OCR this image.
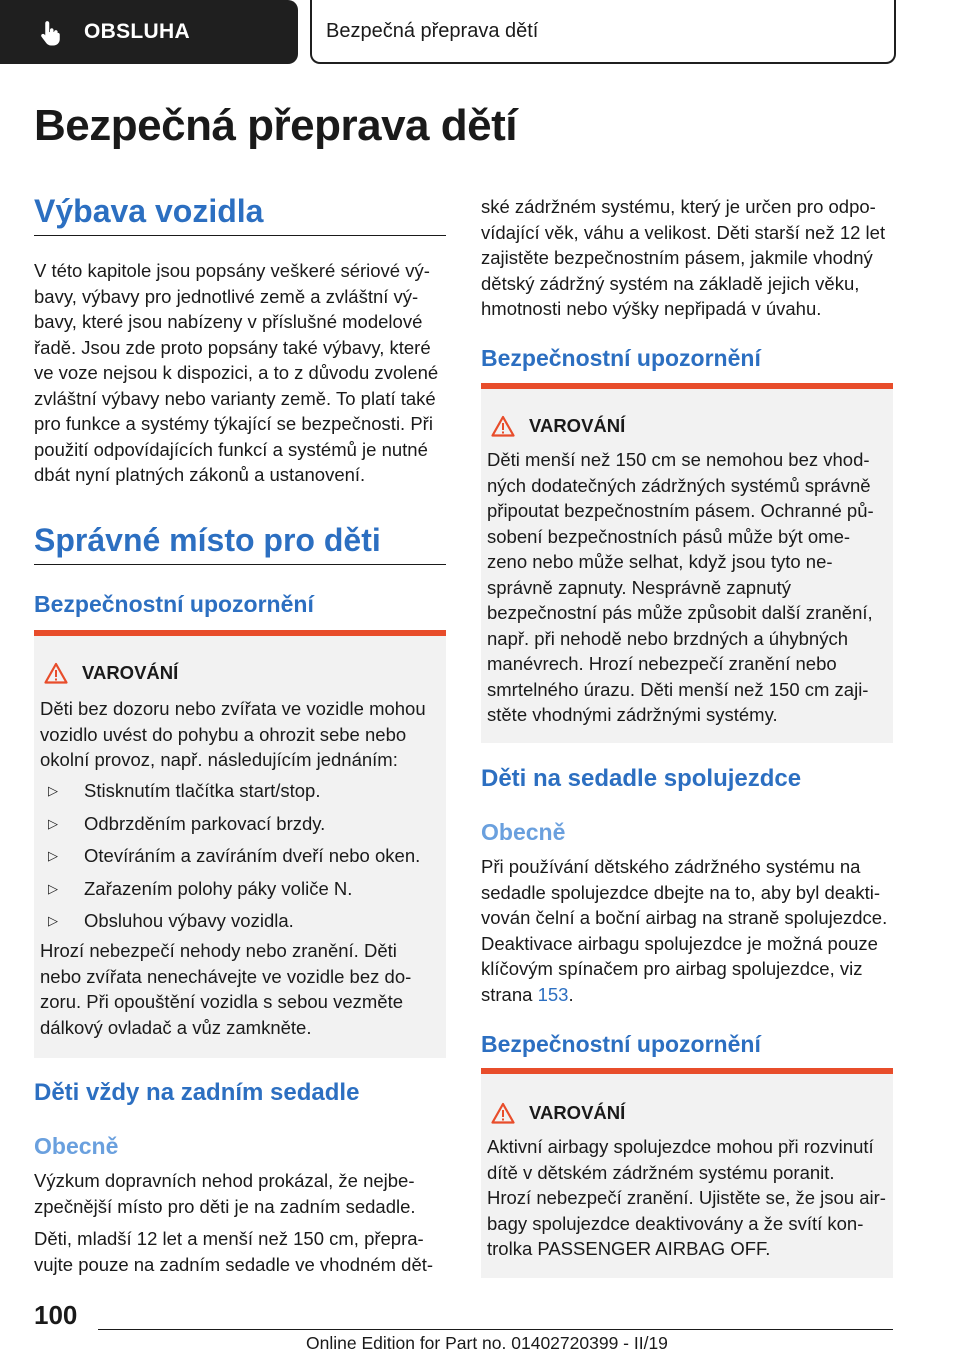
OBSLUHA	Bezpečná přeprava dětí
Bezpečná přeprava dětí
Výbava vozidla
V této kapitole jsou popsány veškeré sériové vý-
bavy, výbavy pro jednotlivé země a zvláštní vý-
bavy, které jsou nabízeny v příslušné modelové
řadě. Jsou zde proto popsány také výbavy, které
ve voze nejsou k dispozici, a to z důvodu zvolené
zvláštní výbavy nebo varianty země. To platí také
pro funkce a systémy týkající se bezpečnosti. Při
použití odpovídajících funkcí a systémů je nutné
dbát nyní platných zákonů a ustanovení.
Správné místo pro děti
Bezpečnostní upozornění
VAROVÁNÍ
Děti bez dozoru nebo zvířata ve vozidle mohou
vozidlo uvést do pohybu a ohrozit sebe nebo
okolní provoz, např. následujícím jednáním:
▷ Stisknutím tlačítka start/stop.
▷ Odbrzděním parkovací brzdy.
▷ Otevíráním a zavíráním dveří nebo oken.
▷ Zařazením polohy páky voliče N.
▷ Obsluhou výbavy vozidla.
Hrozí nebezpečí nehody nebo zranění. Děti
nebo zvířata nenechávejte ve vozidle bez do-
zoru. Při opouštění vozidla s sebou vezměte
dálkový ovladač a vůz zamkněte.
Děti vždy na zadním sedadle
Obecně
Výzkum dopravních nehod prokázal, že nejbe-
zpečnější místo pro děti je na zadním sedadle.
Děti, mladší 12 let a menší než 150 cm, přepra-
vujte pouze na zadním sedadle ve vhodném dět-
ské zádržném systému, který je určen pro odpo-
vídající věk, váhu a velikost. Děti starší než 12 let
zajistěte bezpečnostním pásem, jakmile vhodný
dětský zádržný systém na základě jejich věku,
hmotnosti nebo výšky nepřipadá v úvahu.
Bezpečnostní upozornění
VAROVÁNÍ
Děti menší než 150 cm se nemohou bez vhod-
ných dodatečných zádržných systémů správně
připoutat bezpečnostním pásem. Ochranné pů-
sobení bezpečnostních pásů může být ome-
zeno nebo může selhat, když jsou tyto ne-
správně zapnuty. Nesprávně zapnutý
bezpečnostní pás může způsobit další zranění,
např. při nehodě nebo brzdných a úhybných
manévrech. Hrozí nebezpečí zranění nebo
smrtelného úrazu. Děti menší než 150 cm zaji-
stěte vhodnými zádržnými systémy.
Děti na sedadle spolujezdce
Obecně
Při používání dětského zádržného systému na
sedadle spolujezdce dbejte na to, aby byl deakti-
vován čelní a boční airbag na straně spolujezdce.
Deaktivace airbagu spolujezdce je možná pouze
klíčovým spínačem pro airbag spolujezdce, viz
strana 153.
Bezpečnostní upozornění
VAROVÁNÍ
Aktivní airbagy spolujezdce mohou při rozvinutí
dítě v dětském zádržném systému poranit.
Hrozí nebezpečí zranění. Ujistěte se, že jsou air-
bagy spolujezdce deaktivovány a že svítí kon-
trolka PASSENGER AIRBAG OFF.
100
Online Edition for Part no. 01402720399 - II/19
